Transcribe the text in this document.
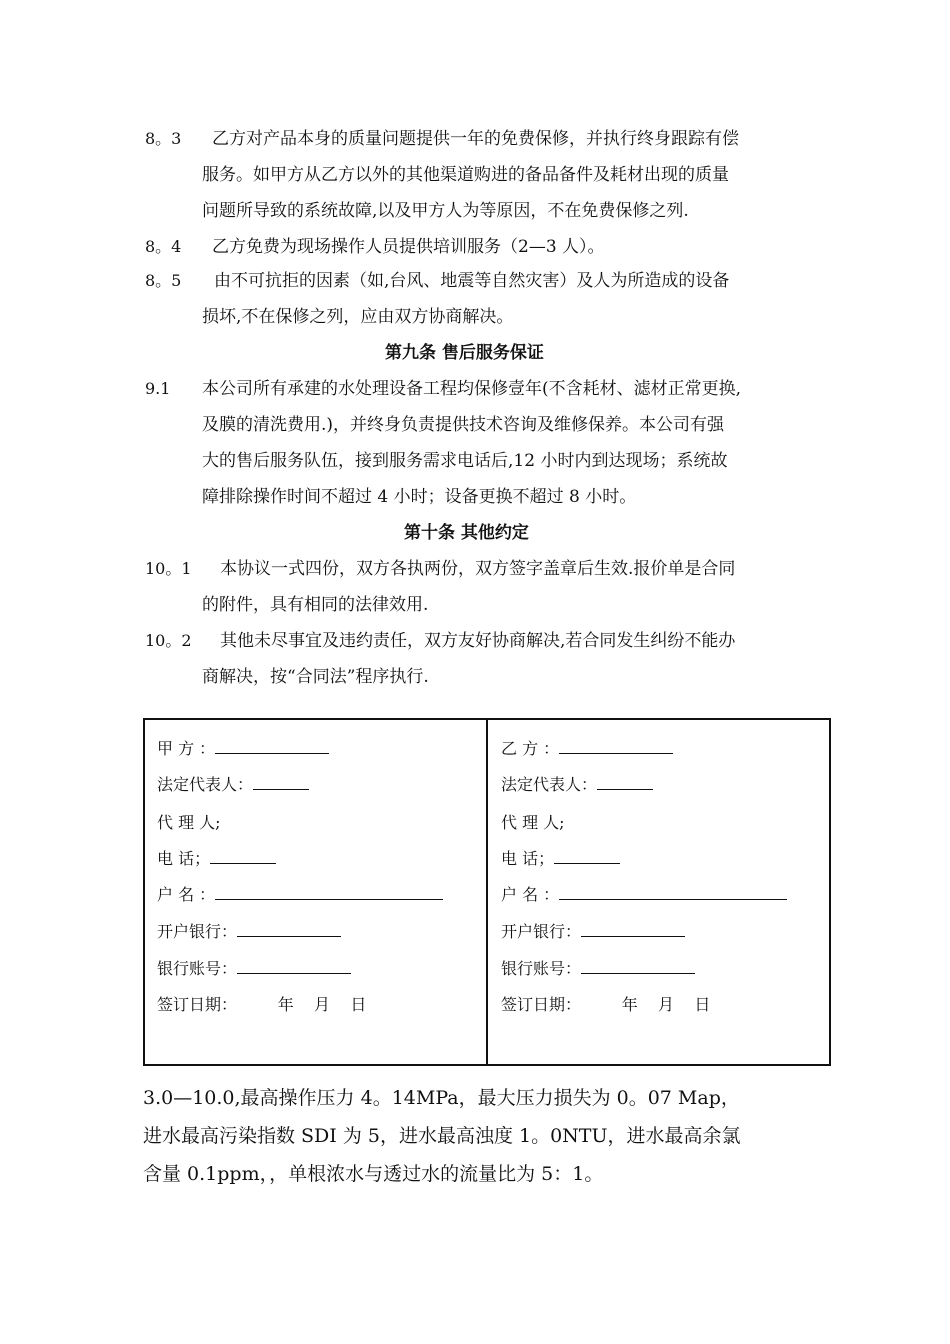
8。3 乙方对产品本身的质量问题提供一年的免费保修，并执行终身跟踪有偿
服务。如甲方从乙方以外的其他渠道购进的备品备件及耗材出现的质量
问题所导致的系统故障,以及甲方人为等原因，不在免费保修之列.
8。4 乙方免费为现场操作人员提供培训服务（2—3 人）。
8。5 由不可抗拒的因素（如,台风、地震等自然灾害）及人为所造成的设备
损坏,不在保修之列，应由双方协商解决。
第九条 售后服务保证
9.1 本公司所有承建的水处理设备工程均保修壹年(不含耗材、滤材正常更换,
及膜的清洗费用.)，并终身负责提供技术咨询及维修保养。本公司有强
大的售后服务队伍，接到服务需求电话后,12 小时内到达现场；系统故
障排除操作时间不超过 4 小时；设备更换不超过 8 小时。
第十条 其他约定
10。1 本协议一式四份，双方各执两份，双方签字盖章后生效.报价单是合同
的附件，具有相同的法律效用.
10。2 其他未尽事宜及违约责任，双方友好协商解决,若合同发生纠纷不能办
商解决，按“合同法”程序执行.
甲 方 ：
法定代表人：
代 理 人;
电 话；
户 名 ：
开户银行：
银行账号：
签订日期：        年    月    日
乙 方 ：
法定代表人：
代 理 人;
电 话；
户 名 ：
开户银行：
银行账号：
签订日期：        年    月    日
3.0—10.0,最高操作压力 4。14MPa，最大压力损失为 0。07 Map，
进水最高污染指数 SDI 为 5，进水最高浊度 1。0NTU，进水最高余氯
含量 0.1ppm，，单根浓水与透过水的流量比为 5：1。
